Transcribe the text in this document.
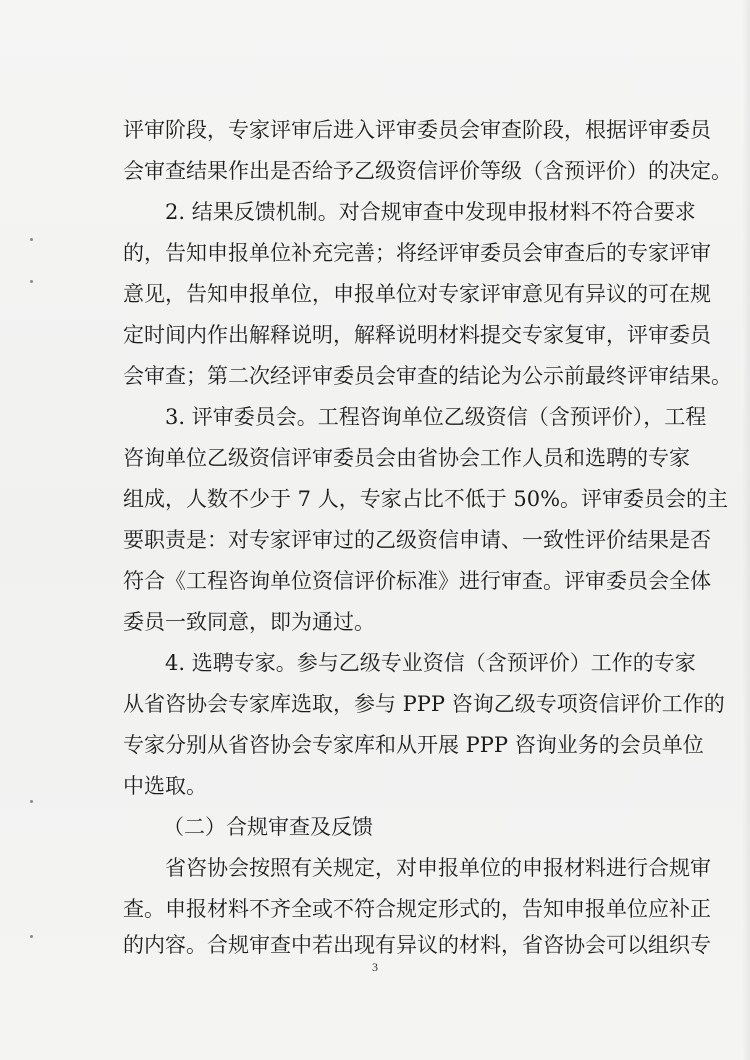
评审阶段，专家评审后进入评审委员会审查阶段，根据评审委员
会审查结果作出是否给予乙级资信评价等级（含预评价）的决定。
2. 结果反馈机制。对合规审查中发现申报材料不符合要求
的，告知申报单位补充完善；将经评审委员会审查后的专家评审
意见，告知申报单位，申报单位对专家评审意见有异议的可在规
定时间内作出解释说明，解释说明材料提交专家复审，评审委员
会审查；第二次经评审委员会审查的结论为公示前最终评审结果。
3. 评审委员会。工程咨询单位乙级资信（含预评价），工程
咨询单位乙级资信评审委员会由省协会工作人员和选聘的专家
组成，人数不少于 7 人，专家占比不低于 50%。评审委员会的主
要职责是：对专家评审过的乙级资信申请、一致性评价结果是否
符合《工程咨询单位资信评价标准》进行审查。评审委员会全体
委员一致同意，即为通过。
4. 选聘专家。参与乙级专业资信（含预评价）工作的专家
从省咨协会专家库选取，参与 PPP 咨询乙级专项资信评价工作的
专家分别从省咨协会专家库和从开展 PPP 咨询业务的会员单位
中选取。
（二）合规审查及反馈
省咨协会按照有关规定，对申报单位的申报材料进行合规审
查。申报材料不齐全或不符合规定形式的，告知申报单位应补正
的内容。合规审查中若出现有异议的材料，省咨协会可以组织专
3
